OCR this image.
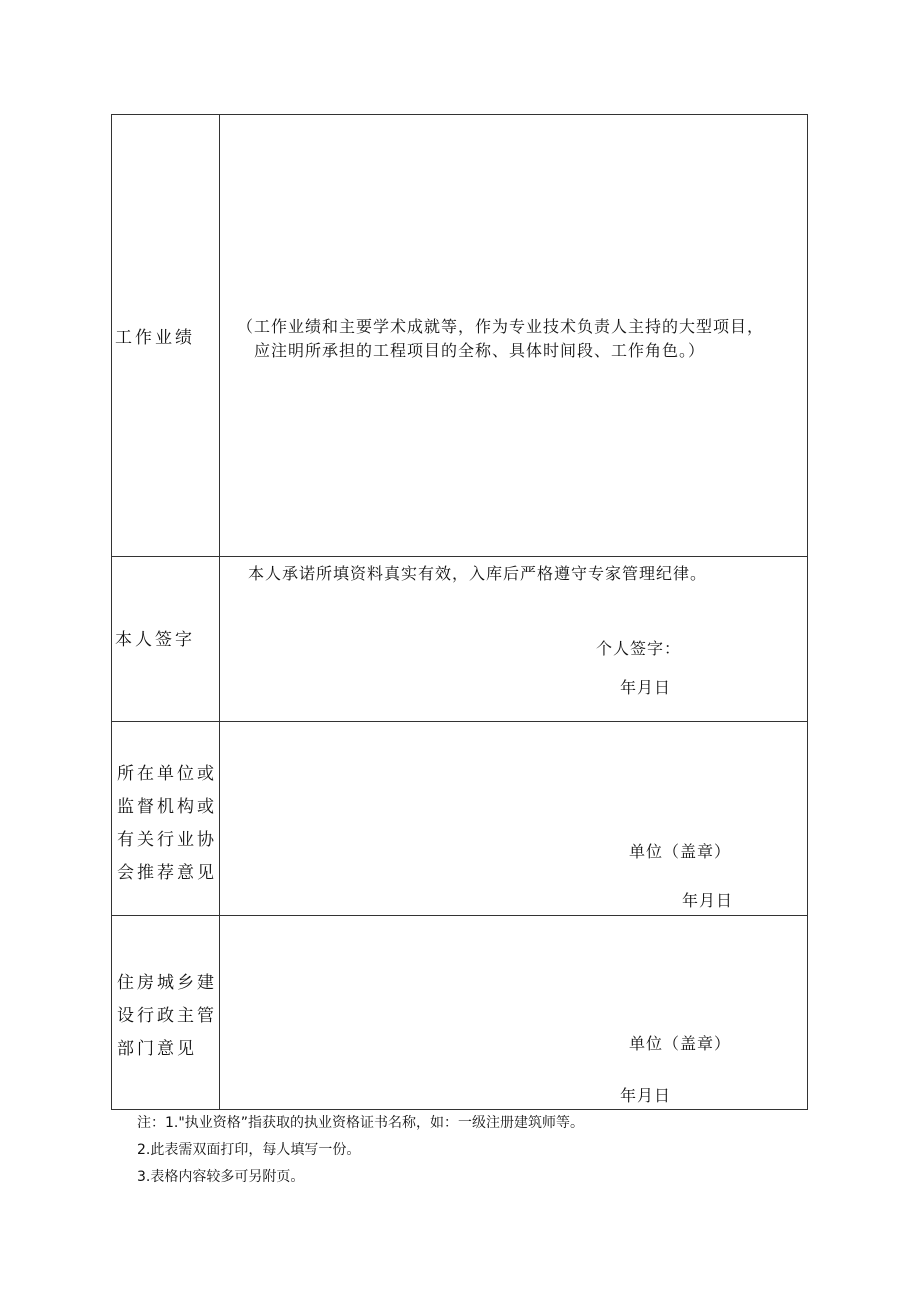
工作业绩
（工作业绩和主要学术成就等，作为专业技术负责人主持的大型项目，
应注明所承担的工程项目的全称、具体时间段、工作角色。）
本人签字
本人承诺所填资料真实有效，入库后严格遵守专家管理纪律。
个人签字：
年月日
所在单位或监督机构或有关行业协会推荐意见
单位（盖章）
年月日
住房城乡建设行政主管部门意见	单位（盖章）
年月日
注：1."执业资格”指获取的执业资格证书名称，如：一级注册建筑师等。
2.此表需双面打印，每人填写一份。
3.表格内容较多可另附页。
